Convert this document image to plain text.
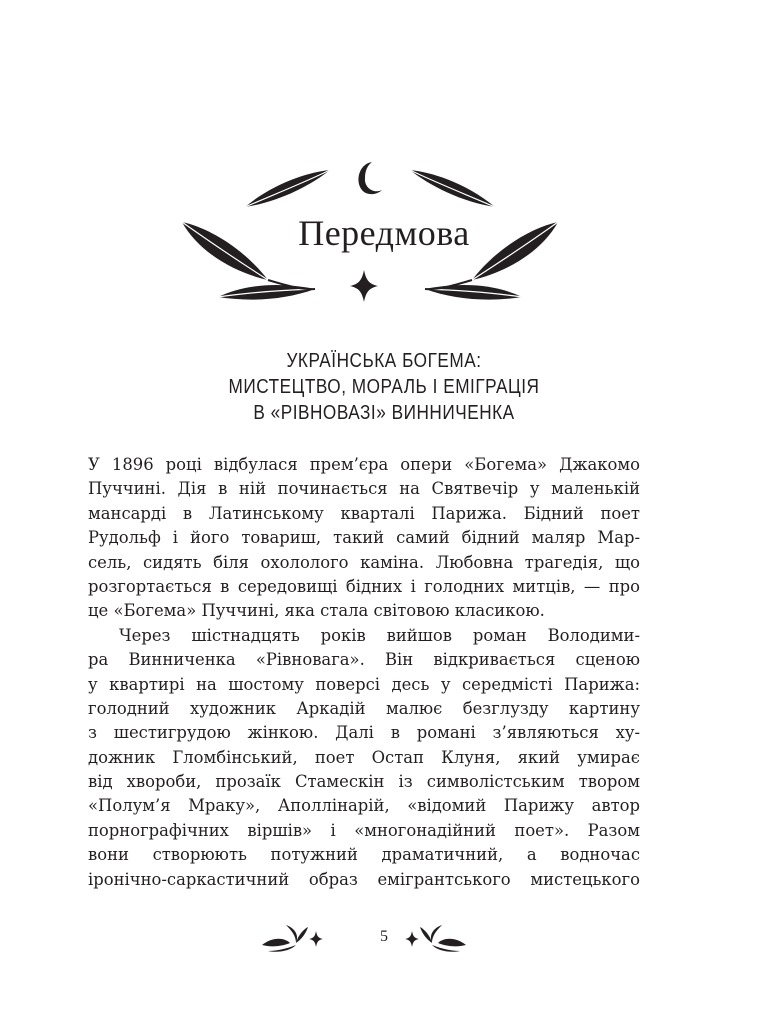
Передмова
УКРАЇНСЬКА БОГЕМА:
МИСТЕЦТВО, МОРАЛЬ І ЕМІГРАЦІЯ
В «РІВНОВАЗІ» ВИННИЧЕНКА
У 1896 році відбулася прем’єра опери «Богема» Джакомо
Пуччині. Дія в ній починається на Святвечір у маленькій
мансарді в Латинському кварталі Парижа. Бідний поет
Рудольф і його товариш, такий самий бідний маляр Мар-
сель, сидять біля охололого каміна. Любовна трагедія, що
розгортається в середовищі бідних і голодних митців, — про
це «Богема» Пуччині, яка стала світовою класикою.
Через шістнадцять років вийшов роман Володими-
ра Винниченка «Рівновага». Він відкривається сценою
у квартирі на шостому поверсі десь у середмісті Парижа:
голодний художник Аркадій малює безглузду картину
з шестигрудою жінкою. Далі в романі з’являються ху-
дожник Гломбінський, поет Остап Клуня, який умирає
від хвороби, прозаїк Стамескін із символістським твором
«Полум’я Мраку», Аполлінарій, «відомий Парижу автор
порнографічних віршів» і «многонадійний поет». Разом
вони створюють потужний драматичний, а водночас
іронічно-саркастичний образ емігрантського мистецького
5
